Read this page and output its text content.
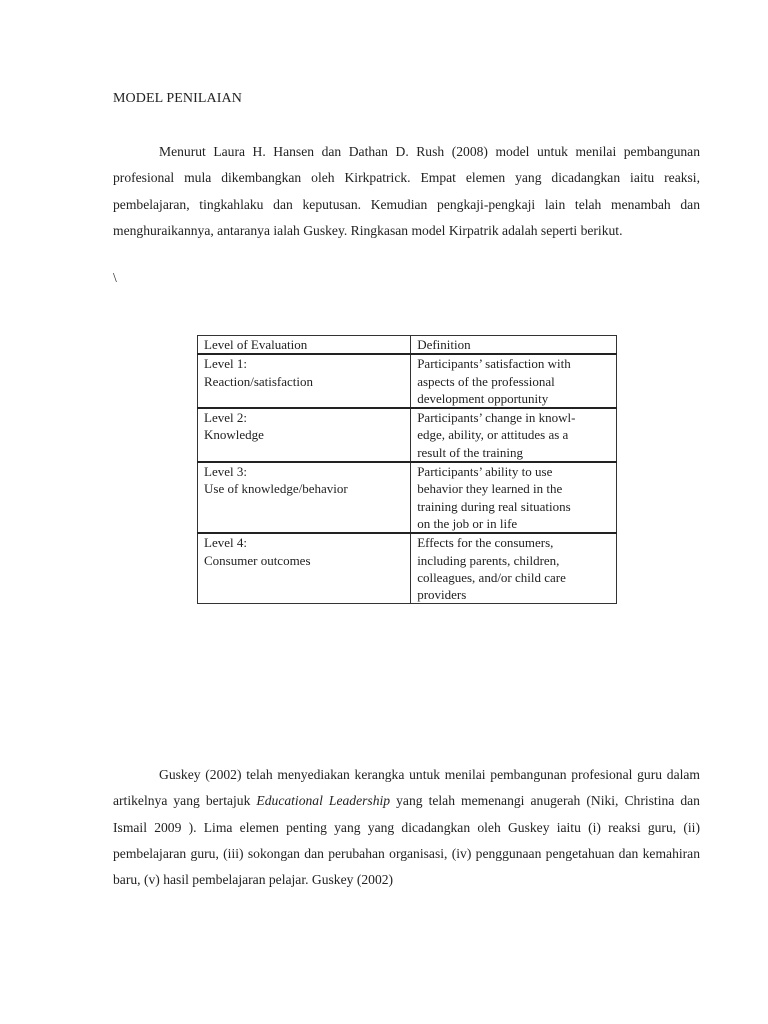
MODEL PENILAIAN

Menurut Laura H. Hansen dan Dathan D. Rush (2008) model untuk menilai pembangunan profesional mula dikembangkan oleh Kirkpatrick. Empat elemen yang dicadangkan iaitu reaksi, pembelajaran, tingkahlaku dan keputusan. Kemudian pengkaji-pengkaji lain telah menambah dan menghuraikannya, antaranya ialah Guskey. Ringkasan model Kirpatrik adalah seperti berikut.

\
Level of Evaluation	Definition

Level 1:
Reaction/satisfaction	Participants’ satisfaction with
aspects of the professional
development opportunity

Level 2:
Knowledge	Participants’ change in knowl-
edge, ability, or attitudes as a
result of the training

Level 3:
Use of knowledge/behavior	Participants’ ability to use
behavior they learned in the
training during real situations
on the job or in life

Level 4:
Consumer outcomes	Effects for the consumers,
including parents, children,
colleagues, and/or child care
providers

Guskey (2002) telah menyediakan kerangka untuk menilai pembangunan profesional guru dalam artikelnya yang bertajuk Educational Leadership yang telah memenangi anugerah (Niki, Christina dan Ismail 2009 ). Lima elemen penting yang yang dicadangkan oleh Guskey iaitu (i) reaksi guru, (ii) pembelajaran guru, (iii) sokongan dan perubahan organisasi, (iv) penggunaan pengetahuan dan kemahiran baru, (v) hasil pembelajaran pelajar. Guskey (2002)
